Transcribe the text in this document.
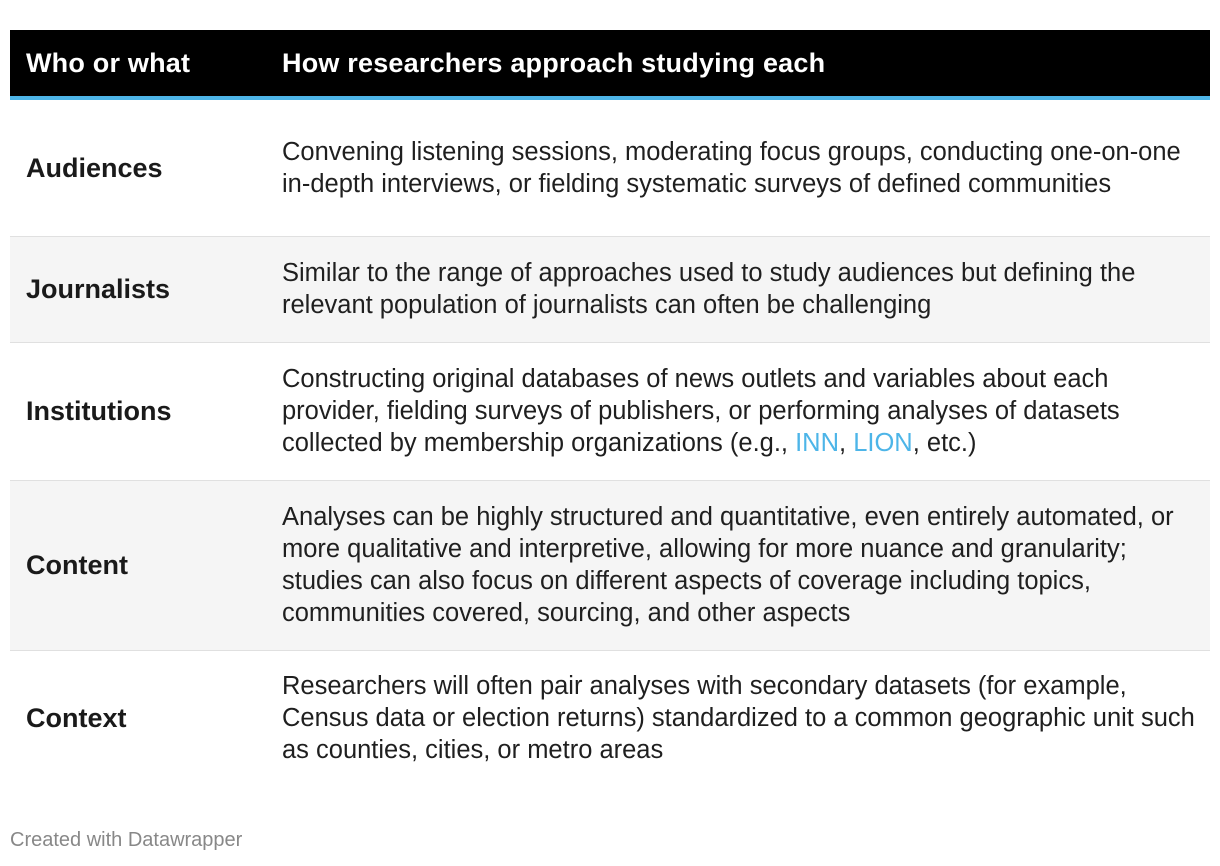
Who or what	How researchers approach studying each
Audiences	Convening listening sessions, moderating focus groups, conducting one-on-one in-depth interviews, or fielding systematic surveys of defined communities
Journalists	Similar to the range of approaches used to study audiences but defining the relevant population of journalists can often be challenging
Institutions	Constructing original databases of news outlets and variables about each provider, fielding surveys of publishers, or performing analyses of datasets collected by membership organizations (e.g., INN, LION, etc.)
Content	Analyses can be highly structured and quantitative, even entirely automated, or more qualitative and interpretive, allowing for more nuance and granularity; studies can also focus on different aspects of coverage including topics, communities covered, sourcing, and other aspects
Context	Researchers will often pair analyses with secondary datasets (for example, Census data or election returns) standardized to a common geographic unit such as counties, cities, or metro areas
Created with Datawrapper
